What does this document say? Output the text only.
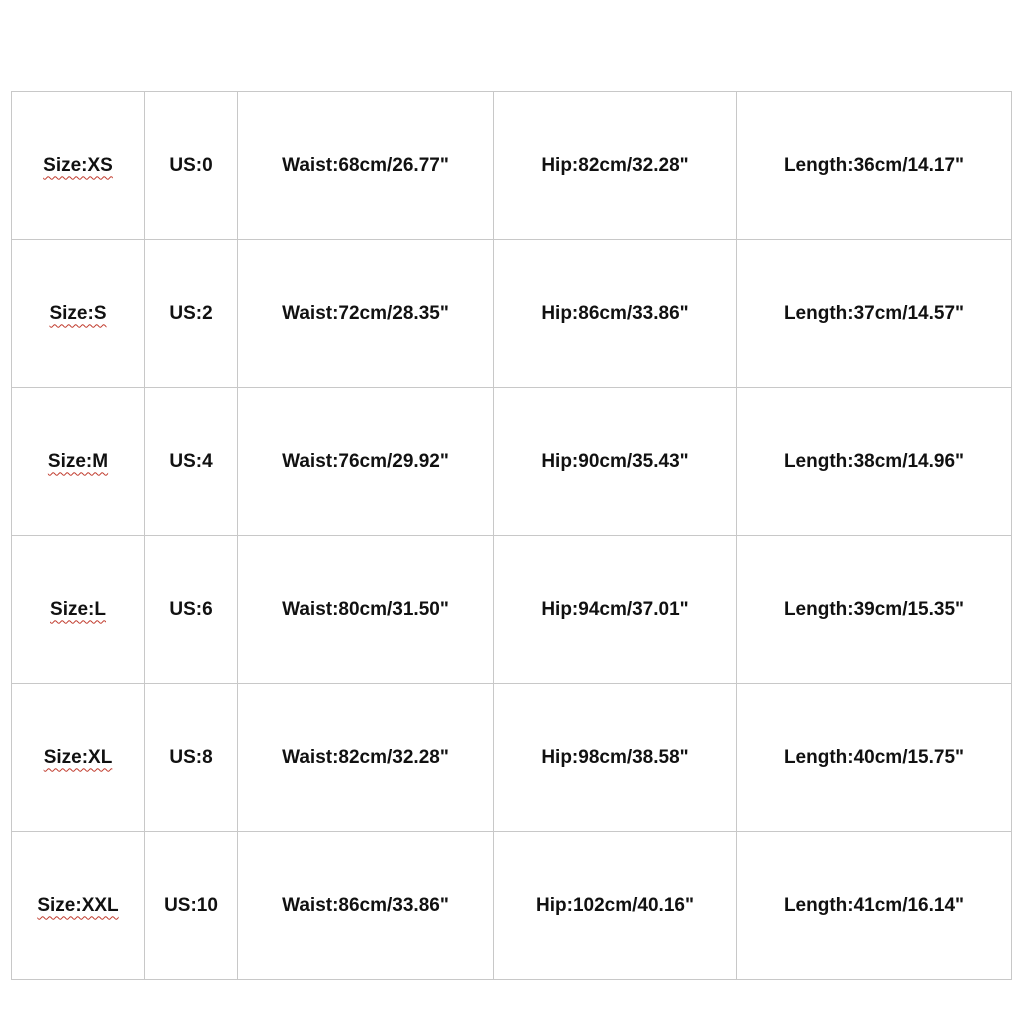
Size:XS	US:0	Waist:68cm/26.77"	Hip:82cm/32.28"	Length:36cm/14.17"
Size:S	US:2	Waist:72cm/28.35"	Hip:86cm/33.86"	Length:37cm/14.57"
Size:M	US:4	Waist:76cm/29.92"	Hip:90cm/35.43"	Length:38cm/14.96"
Size:L	US:6	Waist:80cm/31.50"	Hip:94cm/37.01"	Length:39cm/15.35"
Size:XL	US:8	Waist:82cm/32.28"	Hip:98cm/38.58"	Length:40cm/15.75"
Size:XXL	US:10	Waist:86cm/33.86"	Hip:102cm/40.16"	Length:41cm/16.14"
